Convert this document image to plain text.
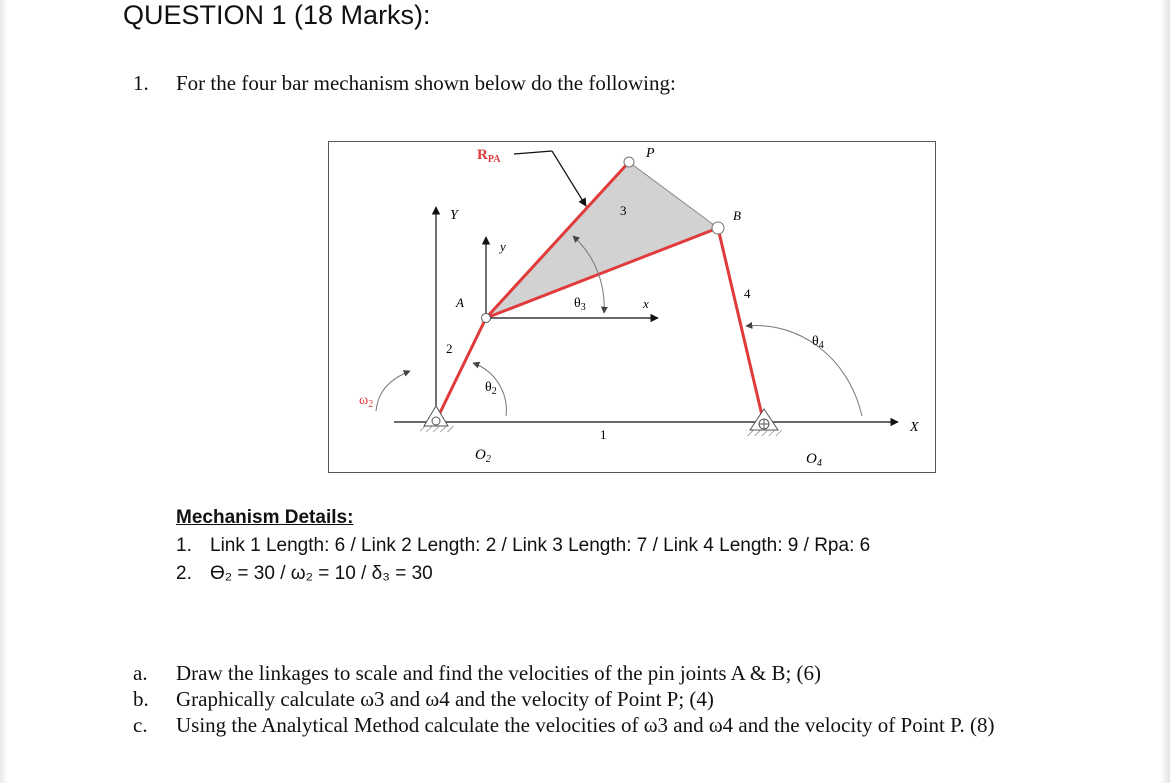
QUESTION 1 (18 Marks):
1. For the four bar mechanism shown below do the following:
$R_{PA}$	P
B
A
Y
y
x
X
1
2
3
4
$\theta_2$
$\theta_3$
$\theta_4$
$\omega_2$
$O_2$	$O_4$
Mechanism Details:
1. Link 1 Length: 6 / Link 2 Length: 2 / Link 3 Length: 7 / Link 4 Length: 9 / Rpa: 6
2. Ɵ₂ = 30 / ω₂ = 10 / δ₃ = 30
a. Draw the linkages to scale and find the velocities of the pin joints A & B; (6)
b. Graphically calculate ω3 and ω4 and the velocity of Point P; (4)
c. Using the Analytical Method calculate the velocities of ω3 and ω4 and the velocity of Point P. (8)
